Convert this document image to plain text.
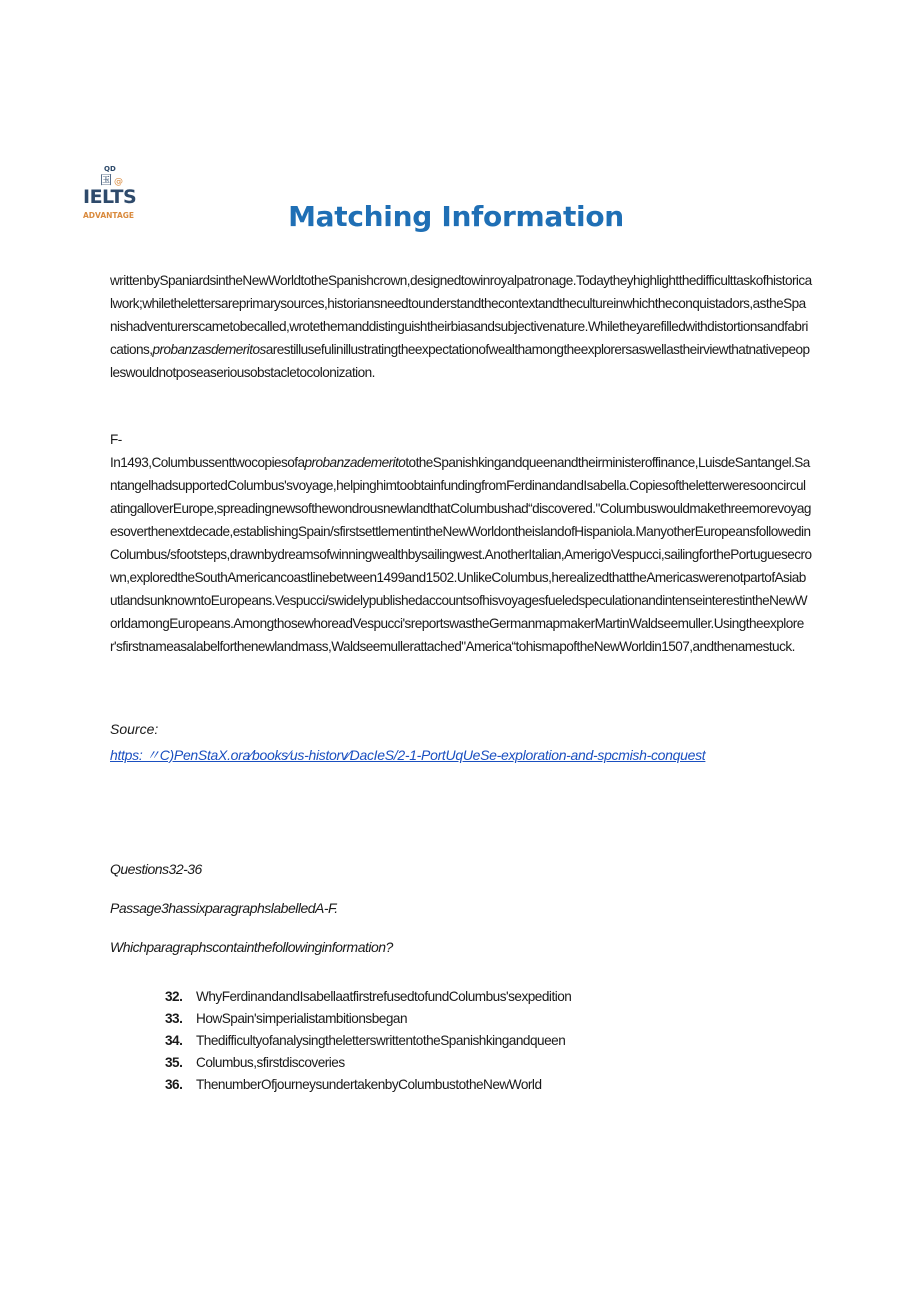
QD
国 @
IELTS
ADVANTAGE	Matching Information

writtenbySpaniardsintheNewWorldtotheSpanishcrown,designedtowinroyalpatronage.Todaytheyhighlightthedifficulttaskofhistoricalwork;whilethelettersareprimarysources,historiansneedtounderstandthecontextandthecultureinwhichtheconquistadors,astheSpanishadventurerscametobecalled,wrotethemanddistinguishtheirbiasandsubjectivenature.Whiletheyarefilledwithdistortionsandfabrications,probanzasdemeritosarestillusefulinillustratingtheexpectationofwealthamongtheexplorersaswellastheirviewthatnativepeopleswouldnotposeaseriousobstacletocolonization.

F-

In1493,ColumbussenttwocopiesofaprobanzademeritototheSpanishkingandqueenandtheirministeroffinance,LuisdeSantangel.SantangelhadsupportedColumbus'svoyage,helpinghimtoobtainfundingfromFerdinandandIsabella.CopiesoftheletterweresooncirculatingalloverEurope,spreadingnewsofthewondrousnewlandthatColumbushad“discovered."Columbuswouldmakethreemorevoyagesoverthenextdecade,establishingSpain/sfirstsettlementintheNewWorldontheislandofHispaniola.ManyotherEuropeansfollowedinColumbus/sfootsteps,drawnbydreamsofwinningwealthbysailingwest.AnotherItalian,AmerigoVespucci,sailingforthePortuguesecrown,exploredtheSouthAmericancoastlinebetween1499and1502.UnlikeColumbus,herealizedthattheAmericaswerenotpartofAsiabutlandsunknowntoEuropeans.Vespucci/swidelypublishedaccountsofhisvoyagesfueledspeculationandintenseinterestintheNewWorldamongEuropeans.AmongthosewhoreadVespucci'sreportswastheGermanmapmakerMartinWaldseemuller.Usingtheexplorer'sfirstnameasalabelforthenewlandmass,Waldseemullerattached"America“tohismapoftheNewWorldin1507,andthenamestuck.

Source:

https: 〃C)PenStaX.ora⁄books⁄us-historv⁄DacIeS/2-1-PortUqUeSe-exploration-and-spcmish-conquest

Questions32-36

Passage3hassixparagraphslabelledA-F.

Whichparagraphscontainthefollowinginformation?

32. WhyFerdinandandIsabellaatfirstrefusedtofundColumbus'sexpedition
33. HowSpain'simperialistambitionsbegan
34. ThedifficultyofanalysingtheletterswrittentotheSpanishkingandqueen
35. Columbus,sfirstdiscoveries
36. ThenumberOfjourneysundertakenbyColumbustotheNewWorld
